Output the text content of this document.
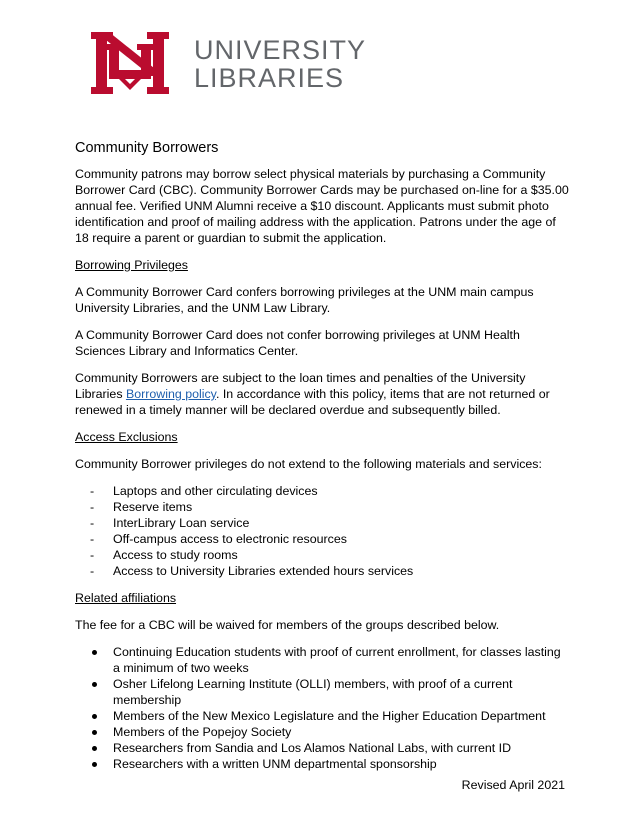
UNIVERSITY
LIBRARIES
Community Borrowers

Community patrons may borrow select physical materials by purchasing a Community Borrower Card (CBC). Community Borrower Cards may be purchased on-line for a $35.00 annual fee. Verified UNM Alumni receive a $10 discount. Applicants must submit photo identification and proof of mailing address with the application. Patrons under the age of 18 require a parent or guardian to submit the application.

Borrowing Privileges

A Community Borrower Card confers borrowing privileges at the UNM main campus University Libraries, and the UNM Law Library.

A Community Borrower Card does not confer borrowing privileges at UNM Health Sciences Library and Informatics Center.

Community Borrowers are subject to the loan times and penalties of the University Libraries Borrowing policy. In accordance with this policy, items that are not returned or renewed in a timely manner will be declared overdue and subsequently billed.

Access Exclusions

Community Borrower privileges do not extend to the following materials and services:

- Laptops and other circulating devices
- Reserve items
- InterLibrary Loan service
- Off-campus access to electronic resources
- Access to study rooms
- Access to University Libraries extended hours services
Related affiliations

The fee for a CBC will be waived for members of the groups described below.

Continuing Education students with proof of current enrollment, for classes lasting a minimum of two weeks
Osher Lifelong Learning Institute (OLLI) members, with proof of a current membership
Members of the New Mexico Legislature and the Higher Education Department
Members of the Popejoy Society
Researchers from Sandia and Los Alamos National Labs, with current ID
Researchers with a written UNM departmental sponsorship
Revised April 2021
